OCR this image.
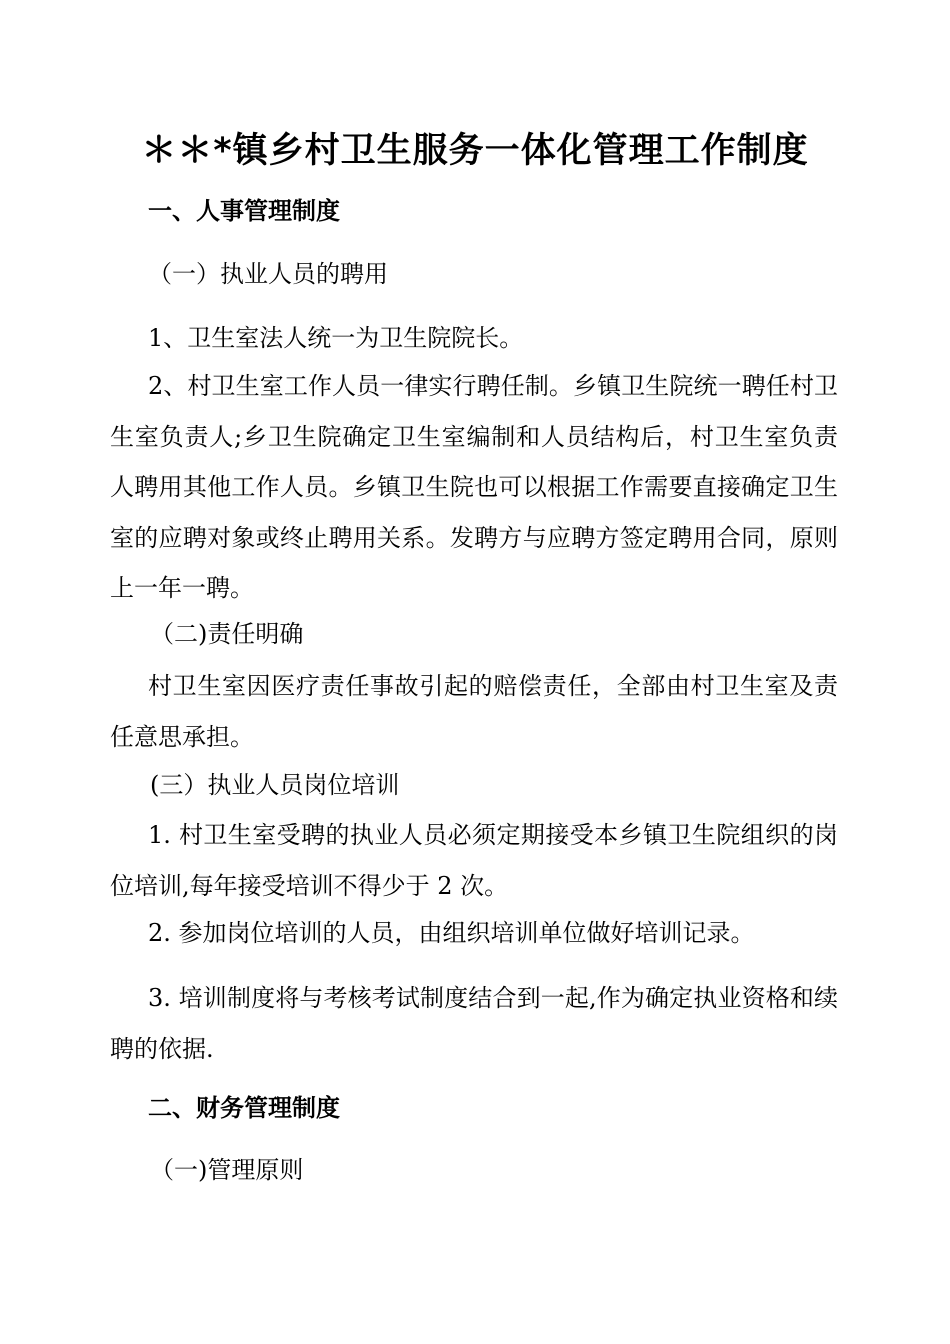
＊＊*镇乡村卫生服务一体化管理工作制度
一、人事管理制度

（一）执业人员的聘用

1、卫生室法人统一为卫生院院长。

2、村卫生室工作人员一律实行聘任制。乡镇卫生院统一聘任村卫生室负责人;乡卫生院确定卫生室编制和人员结构后，村卫生室负责人聘用其他工作人员。乡镇卫生院也可以根据工作需要直接确定卫生室的应聘对象或终止聘用关系。发聘方与应聘方签定聘用合同，原则上一年一聘。

（二)责任明确

村卫生室因医疗责任事故引起的赔偿责任，全部由村卫生室及责任意思承担。

(三）执业人员岗位培训

1. 村卫生室受聘的执业人员必须定期接受本乡镇卫生院组织的岗位培训,每年接受培训不得少于 2 次。

2. 参加岗位培训的人员，由组织培训单位做好培训记录。

3. 培训制度将与考核考试制度结合到一起,作为确定执业资格和续聘的依据.

二、财务管理制度

（一)管理原则
